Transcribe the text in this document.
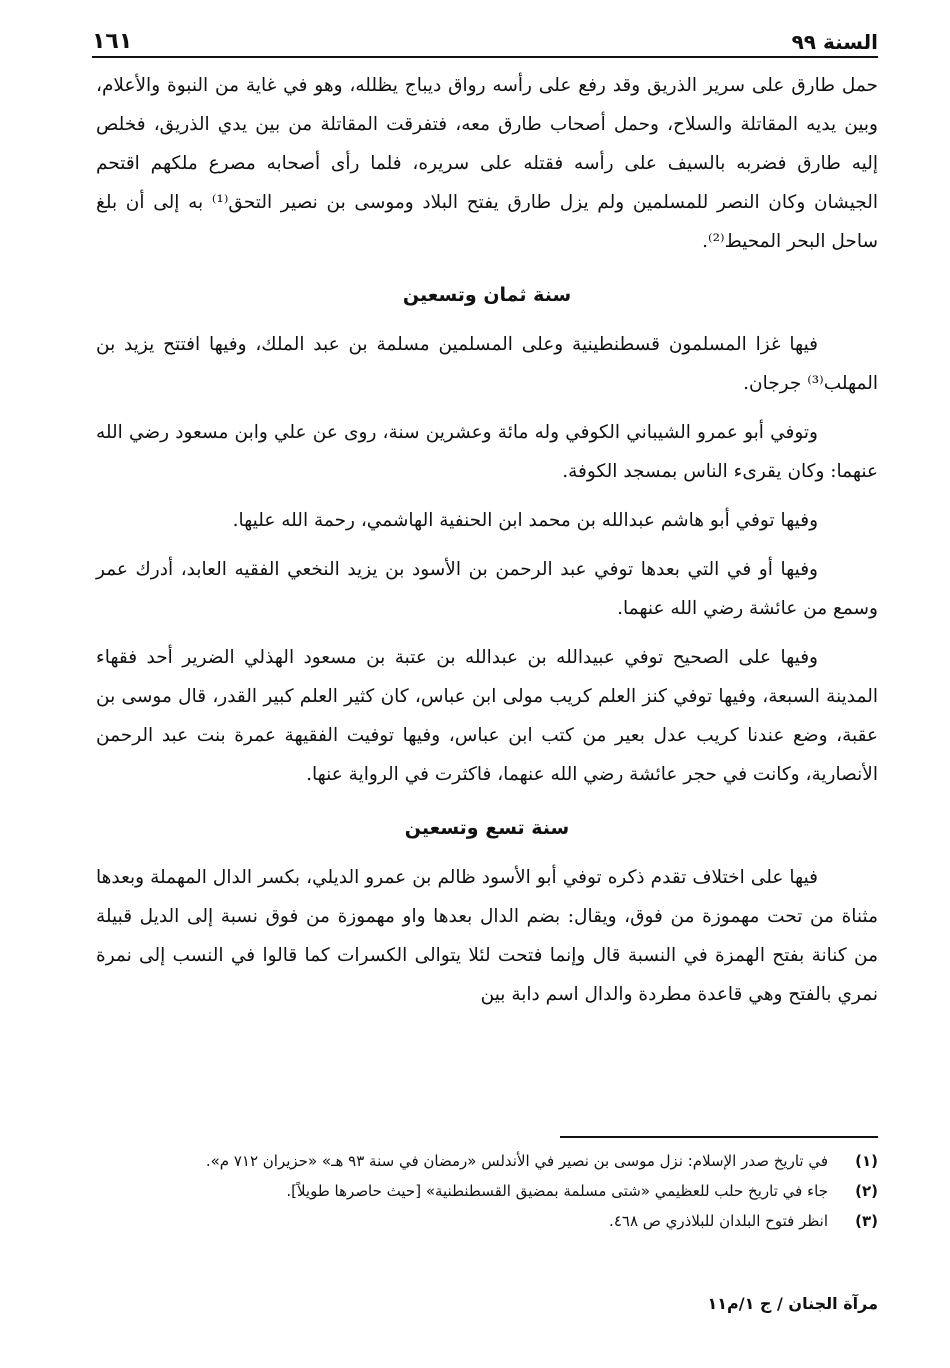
السنة ٩٩
١٦١

حمل طارق على سرير الذريق وقد رفع على رأسه رواق ديباج يظلله، وهو في غاية من النبوة والأعلام، وبين يديه المقاتلة والسلاح، وحمل أصحاب طارق معه، فتفرقت المقاتلة من بين يدي الذريق، فخلص إليه طارق فضربه بالسيف على رأسه فقتله على سريره، فلما رأى أصحابه مصرع ملكهم اقتحم الجيشان وكان النصر للمسلمين ولم يزل طارق يفتح البلاد وموسى بن نصير التحق⁽¹⁾ به إلى أن بلغ ساحل البحر المحيط⁽²⁾.

سنة ثمان وتسعين

فيها غزا المسلمون قسطنطينية وعلى المسلمين مسلمة بن عبد الملك، وفيها افتتح يزيد بن المهلب⁽³⁾ جرجان.

وتوفي أبو عمرو الشيباني الكوفي وله مائة وعشرين سنة، روى عن علي وابن مسعود رضي الله عنهما: وكان يقرىء الناس بمسجد الكوفة.

وفيها توفي أبو هاشم عبدالله بن محمد ابن الحنفية الهاشمي، رحمة الله عليها.

وفيها أو في التي بعدها توفي عبد الرحمن بن الأسود بن يزيد النخعي الفقيه العابد، أدرك عمر وسمع من عائشة رضي الله عنهما.

وفيها على الصحيح توفي عبيدالله بن عبدالله بن عتبة بن مسعود الهذلي الضرير أحد فقهاء المدينة السبعة، وفيها توفي كنز العلم كريب مولى ابن عباس، كان كثير العلم كبير القدر، قال موسى بن عقبة، وضع عندنا كريب عدل بعير من كتب ابن عباس، وفيها توفيت الفقيهة عمرة بنت عبد الرحمن الأنصارية، وكانت في حجر عائشة رضي الله عنهما، فاكثرت في الرواية عنها.

سنة تسع وتسعين

فيها على اختلاف تقدم ذكره توفي أبو الأسود ظالم بن عمرو الديلي، بكسر الدال المهملة وبعدها مثناة من تحت مهموزة من فوق، ويقال: بضم الدال بعدها واو مهموزة من فوق نسبة إلى الديل قبيلة من كنانة بفتح الهمزة في النسبة قال وإنما فتحت لئلا يتوالى الكسرات كما قالوا في النسب إلى نمرة نمري بالفتح وهي قاعدة مطردة والدال اسم دابة بين

(١)
في تاريخ صدر الإسلام: نزل موسى بن نصير في الأندلس «رمضان في سنة ٩٣ هـ» «حزيران ٧١٢ م».
(٢)
جاء في تاريخ حلب للعظيمي «شتى مسلمة بمضيق القسطنطنية» [حيث حاصرها طويلاً].
(٣)
انظر فتوح البلدان للبلاذري ص ٤٦٨.
مرآة الجنان / ج ١/م١١
